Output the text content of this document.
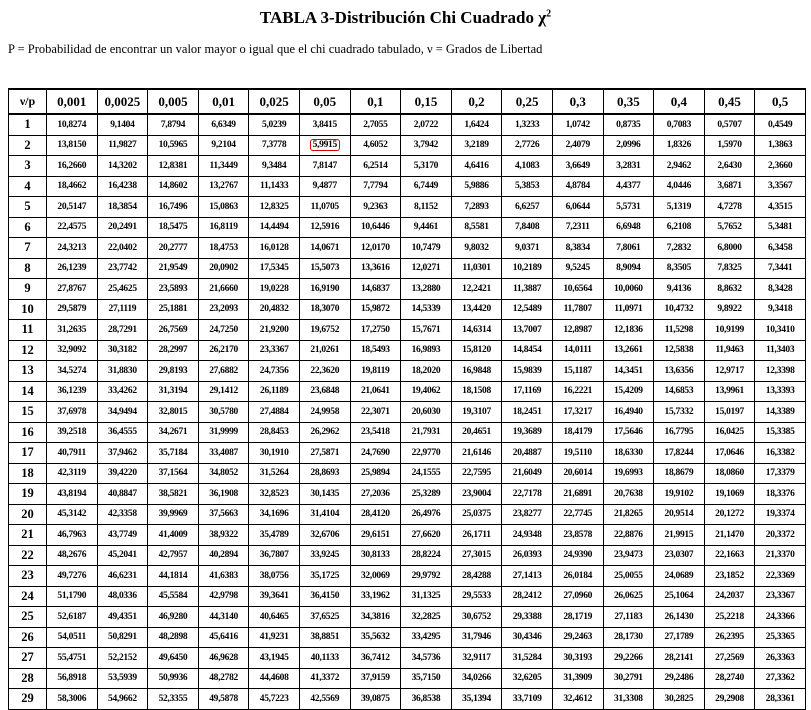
TABLA 3-Distribución Chi Cuadrado $\chi^2$
P = Probabilidad de encontrar un valor mayor o igual que el chi cuadrado tabulado, ν = Grados de Libertad
ν/p	0,001	0,0025	0,005	0,01	0,025	0,05	0,1	0,15	0,2	0,25	0,3	0,35	0,4	0,45	0,5
1	10,8274	9,1404	7,8794	6,6349	5,0239	3,8415	2,7055	2,0722	1,6424	1,3233	1,0742	0,8735	0,7083	0,5707	0,4549
2	13,8150	11,9827	10,5965	9,2104	7,3778	5,9915	4,6052	3,7942	3,2189	2,7726	2,4079	2,0996	1,8326	1,5970	1,3863
3	16,2660	14,3202	12,8381	11,3449	9,3484	7,8147	6,2514	5,3170	4,6416	4,1083	3,6649	3,2831	2,9462	2,6430	2,3660
4	18,4662	16,4238	14,8602	13,2767	11,1433	9,4877	7,7794	6,7449	5,9886	5,3853	4,8784	4,4377	4,0446	3,6871	3,3567
5	20,5147	18,3854	16,7496	15,0863	12,8325	11,0705	9,2363	8,1152	7,2893	6,6257	6,0644	5,5731	5,1319	4,7278	4,3515
6	22,4575	20,2491	18,5475	16,8119	14,4494	12,5916	10,6446	9,4461	8,5581	7,8408	7,2311	6,6948	6,2108	5,7652	5,3481
7	24,3213	22,0402	20,2777	18,4753	16,0128	14,0671	12,0170	10,7479	9,8032	9,0371	8,3834	7,8061	7,2832	6,8000	6,3458
8	26,1239	23,7742	21,9549	20,0902	17,5345	15,5073	13,3616	12,0271	11,0301	10,2189	9,5245	8,9094	8,3505	7,8325	7,3441
9	27,8767	25,4625	23,5893	21,6660	19,0228	16,9190	14,6837	13,2880	12,2421	11,3887	10,6564	10,0060	9,4136	8,8632	8,3428
10	29,5879	27,1119	25,1881	23,2093	20,4832	18,3070	15,9872	14,5339	13,4420	12,5489	11,7807	11,0971	10,4732	9,8922	9,3418
11	31,2635	28,7291	26,7569	24,7250	21,9200	19,6752	17,2750	15,7671	14,6314	13,7007	12,8987	12,1836	11,5298	10,9199	10,3410
12	32,9092	30,3182	28,2997	26,2170	23,3367	21,0261	18,5493	16,9893	15,8120	14,8454	14,0111	13,2661	12,5838	11,9463	11,3403
13	34,5274	31,8830	29,8193	27,6882	24,7356	22,3620	19,8119	18,2020	16,9848	15,9839	15,1187	14,3451	13,6356	12,9717	12,3398
14	36,1239	33,4262	31,3194	29,1412	26,1189	23,6848	21,0641	19,4062	18,1508	17,1169	16,2221	15,4209	14,6853	13,9961	13,3393
15	37,6978	34,9494	32,8015	30,5780	27,4884	24,9958	22,3071	20,6030	19,3107	18,2451	17,3217	16,4940	15,7332	15,0197	14,3389
16	39,2518	36,4555	34,2671	31,9999	28,8453	26,2962	23,5418	21,7931	20,4651	19,3689	18,4179	17,5646	16,7795	16,0425	15,3385
17	40,7911	37,9462	35,7184	33,4087	30,1910	27,5871	24,7690	22,9770	21,6146	20,4887	19,5110	18,6330	17,8244	17,0646	16,3382
18	42,3119	39,4220	37,1564	34,8052	31,5264	28,8693	25,9894	24,1555	22,7595	21,6049	20,6014	19,6993	18,8679	18,0860	17,3379
19	43,8194	40,8847	38,5821	36,1908	32,8523	30,1435	27,2036	25,3289	23,9004	22,7178	21,6891	20,7638	19,9102	19,1069	18,3376
20	45,3142	42,3358	39,9969	37,5663	34,1696	31,4104	28,4120	26,4976	25,0375	23,8277	22,7745	21,8265	20,9514	20,1272	19,3374
21	46,7963	43,7749	41,4009	38,9322	35,4789	32,6706	29,6151	27,6620	26,1711	24,9348	23,8578	22,8876	21,9915	21,1470	20,3372
22	48,2676	45,2041	42,7957	40,2894	36,7807	33,9245	30,8133	28,8224	27,3015	26,0393	24,9390	23,9473	23,0307	22,1663	21,3370
23	49,7276	46,6231	44,1814	41,6383	38,0756	35,1725	32,0069	29,9792	28,4288	27,1413	26,0184	25,0055	24,0689	23,1852	22,3369
24	51,1790	48,0336	45,5584	42,9798	39,3641	36,4150	33,1962	31,1325	29,5533	28,2412	27,0960	26,0625	25,1064	24,2037	23,3367
25	52,6187	49,4351	46,9280	44,3140	40,6465	37,6525	34,3816	32,2825	30,6752	29,3388	28,1719	27,1183	26,1430	25,2218	24,3366
26	54,0511	50,8291	48,2898	45,6416	41,9231	38,8851	35,5632	33,4295	31,7946	30,4346	29,2463	28,1730	27,1789	26,2395	25,3365
27	55,4751	52,2152	49,6450	46,9628	43,1945	40,1133	36,7412	34,5736	32,9117	31,5284	30,3193	29,2266	28,2141	27,2569	26,3363
28	56,8918	53,5939	50,9936	48,2782	44,4608	41,3372	37,9159	35,7150	34,0266	32,6205	31,3909	30,2791	29,2486	28,2740	27,3362
29	58,3006	54,9662	52,3355	49,5878	45,7223	42,5569	39,0875	36,8538	35,1394	33,7109	32,4612	31,3308	30,2825	29,2908	28,3361
